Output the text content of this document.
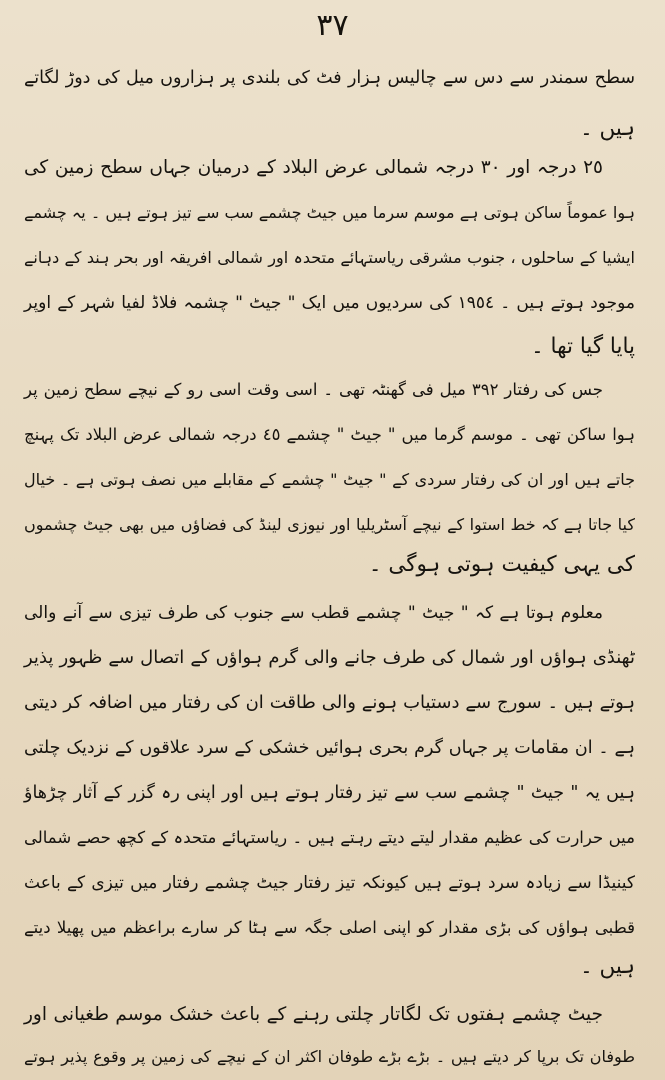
٣٧
سطح سمندر سے دس سے چالیس ہزار فٹ کی بلندی پر ہزاروں میل کی دوڑ لگاتے
ہیں ۔
٢٥ درجہ اور ٣٠ درجہ شمالی عرض البلاد کے درمیان جہاں سطح زمین کی
ہوا عموماً ساکن ہوتی ہے موسم سرما میں جیٹ چشمے سب سے تیز ہوتے ہیں ۔ یہ چشمے
ایشیا کے ساحلوں ، جنوب مشرقی ریاستہائے متحدہ اور شمالی افریقہ اور بحر ہند کے دہانے
موجود ہوتے ہیں ۔ ١٩٥٤ کی سردیوں میں ایک " جیٹ " چشمہ فلاڈ لفیا شہر کے اوپر
پایا گیا تھا ۔
جس کی رفتار ٣٩٢ میل فی گھنٹہ تھی ۔ اسی وقت اسی رو کے نیچے سطح زمین پر
ہوا ساکن تھی ۔ موسم گرما میں " جیٹ " چشمے ٤٥ درجہ شمالی عرض البلاد تک پہنچ
جاتے ہیں اور ان کی رفتار سردی کے " جیٹ " چشمے کے مقابلے میں نصف ہوتی ہے ۔ خیال
کیا جاتا ہے کہ خط استوا کے نیچے آسٹریلیا اور نیوزی لینڈ کی فضاؤں میں بھی جیٹ چشموں
کی یہی کیفیت ہوتی ہوگی ۔
معلوم ہوتا ہے کہ " جیٹ " چشمے قطب سے جنوب کی طرف تیزی سے آنے والی
ٹھنڈی ہواؤں اور شمال کی طرف جانے والی گرم ہواؤں کے اتصال سے ظہور پذیر
ہوتے ہیں ۔ سورج سے دستیاب ہونے والی طاقت ان کی رفتار میں اضافہ کر دیتی
ہے ۔ ان مقامات پر جہاں گرم بحری ہوائیں خشکی کے سرد علاقوں کے نزدیک چلتی
ہیں یہ " جیٹ " چشمے سب سے تیز رفتار ہوتے ہیں اور اپنی رہ گزر کے آثار چڑھاؤ
میں حرارت کی عظیم مقدار لیتے دیتے رہتے ہیں ۔ ریاستہائے متحدہ کے کچھ حصے شمالی
کینیڈا سے زیادہ سرد ہوتے ہیں کیونکہ تیز رفتار جیٹ چشمے رفتار میں تیزی کے باعث
قطبی ہواؤں کی بڑی مقدار کو اپنی اصلی جگہ سے ہٹا کر سارے براعظم میں پھیلا دیتے
ہیں ۔
جیٹ چشمے ہفتوں تک لگاتار چلتی رہنے کے باعث خشک موسم طغیانی اور
طوفان تک برپا کر دیتے ہیں ۔ بڑے بڑے طوفان اکثر ان کے نیچے کی زمین پر وقوع پذیر ہوتے
